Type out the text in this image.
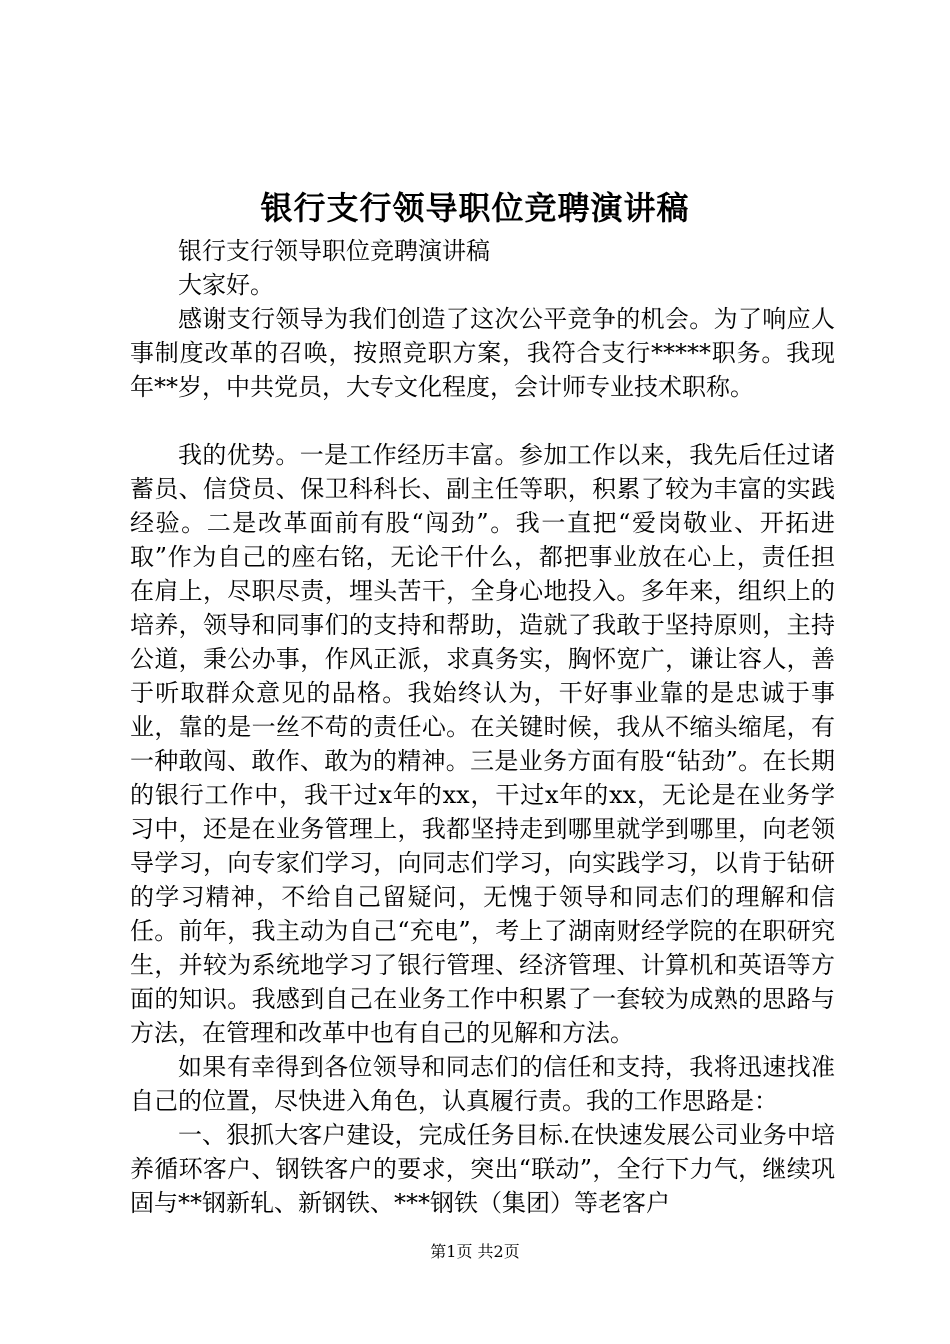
银行支行领导职位竞聘演讲稿

银行支行领导职位竞聘演讲稿

大家好。

感谢支行领导为我们创造了这次公平竞争的机会。为了响应人事制度改革的召唤，按照竞职方案，我符合支行*****职务。我现年**岁，中共党员，大专文化程度，会计师专业技术职称。

我的优势。一是工作经历丰富。参加工作以来，我先后任过诸蓄员、信贷员、保卫科科长、副主任等职，积累了较为丰富的实践经验。二是改革面前有股“闯劲”。我一直把“爱岗敬业、开拓进取”作为自己的座右铭，无论干什么，都把事业放在心上，责任担在肩上，尽职尽责，埋头苦干，全身心地投入。多年来，组织上的培养，领导和同事们的支持和帮助，造就了我敢于坚持原则，主持公道，秉公办事，作风正派，求真务实，胸怀宽广，谦让容人，善于听取群众意见的品格。我始终认为，干好事业靠的是忠诚于事业，靠的是一丝不苟的责任心。在关键时候，我从不缩头缩尾，有一种敢闯、敢作、敢为的精神。三是业务方面有股“钻劲”。在长期的银行工作中，我干过x年的xx，干过x年的xx，无论是在业务学习中，还是在业务管理上，我都坚持走到哪里就学到哪里，向老领导学习，向专家们学习，向同志们学习，向实践学习，以肯于钻研的学习精神，不给自己留疑问，无愧于领导和同志们的理解和信任。前年，我主动为自己“充电”，考上了湖南财经学院的在职研究生，并较为系统地学习了银行管理、经济管理、计算机和英语等方面的知识。我感到自己在业务工作中积累了一套较为成熟的思路与方法，在管理和改革中也有自己的见解和方法。

如果有幸得到各位领导和同志们的信任和支持，我将迅速找准自己的位置，尽快进入角色，认真履行责。我的工作思路是：

一、狠抓大客户建设，完成任务目标.在快速发展公司业务中培养循环客户、钢铁客户的要求，突出“联动”，全行下力气，继续巩固与**钢新轧、新钢铁、***钢铁（集团）等老客户

第1页 共2页
